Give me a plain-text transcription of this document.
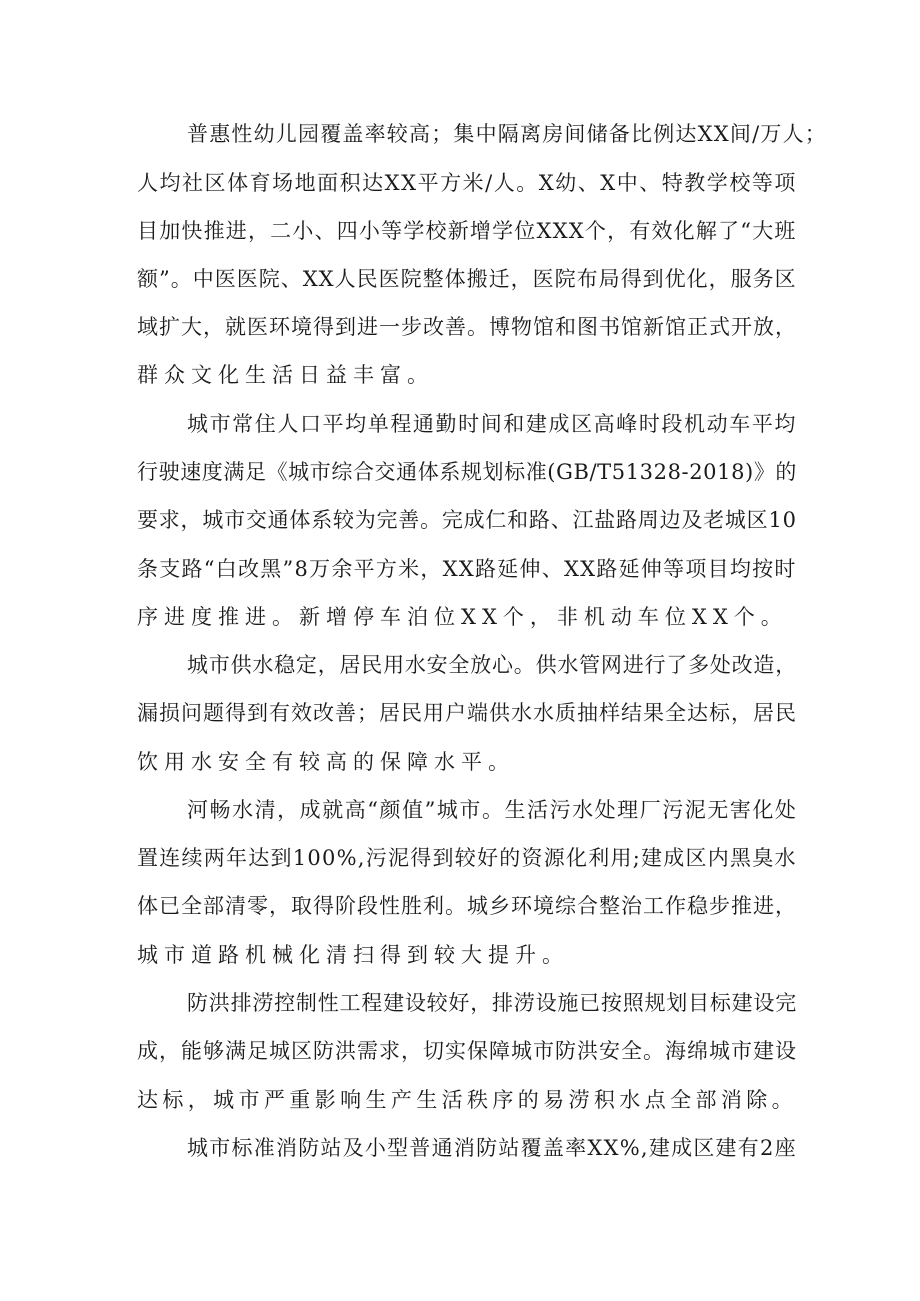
普惠性幼儿园覆盖率较高；集中隔离房间储备比例达XX间/万人；
人均社区体育场地面积达XX平方米/人。X幼、X中、特教学校等项
目加快推进，二小、四小等学校新增学位XXX个，有效化解了“大班
额”。中医医院、XX人民医院整体搬迁，医院布局得到优化，服务区
域扩大，就医环境得到进一步改善。博物馆和图书馆新馆正式开放，
群众文化生活日益丰富。
城市常住人口平均单程通勤时间和建成区高峰时段机动车平均
行驶速度满足《城市综合交通体系规划标准(GB/T51328-2018)》的
要求，城市交通体系较为完善。完成仁和路、江盐路周边及老城区10
条支路“白改黑”8万余平方米，XX路延伸、XX路延伸等项目均按时
序进度推进。新增停车泊位XX个，非机动车位XX个。
城市供水稳定，居民用水安全放心。供水管网进行了多处改造，
漏损问题得到有效改善；居民用户端供水水质抽样结果全达标，居民
饮用水安全有较高的保障水平。
河畅水清，成就高“颜值”城市。生活污水处理厂污泥无害化处
置连续两年达到100%,污泥得到较好的资源化利用;建成区内黑臭水
体已全部清零，取得阶段性胜利。城乡环境综合整治工作稳步推进，
城市道路机械化清扫得到较大提升。
防洪排涝控制性工程建设较好，排涝设施已按照规划目标建设完
成，能够满足城区防洪需求，切实保障城市防洪安全。海绵城市建设
达标，城市严重影响生产生活秩序的易涝积水点全部消除。
城市标准消防站及小型普通消防站覆盖率XX%,建成区建有2座
